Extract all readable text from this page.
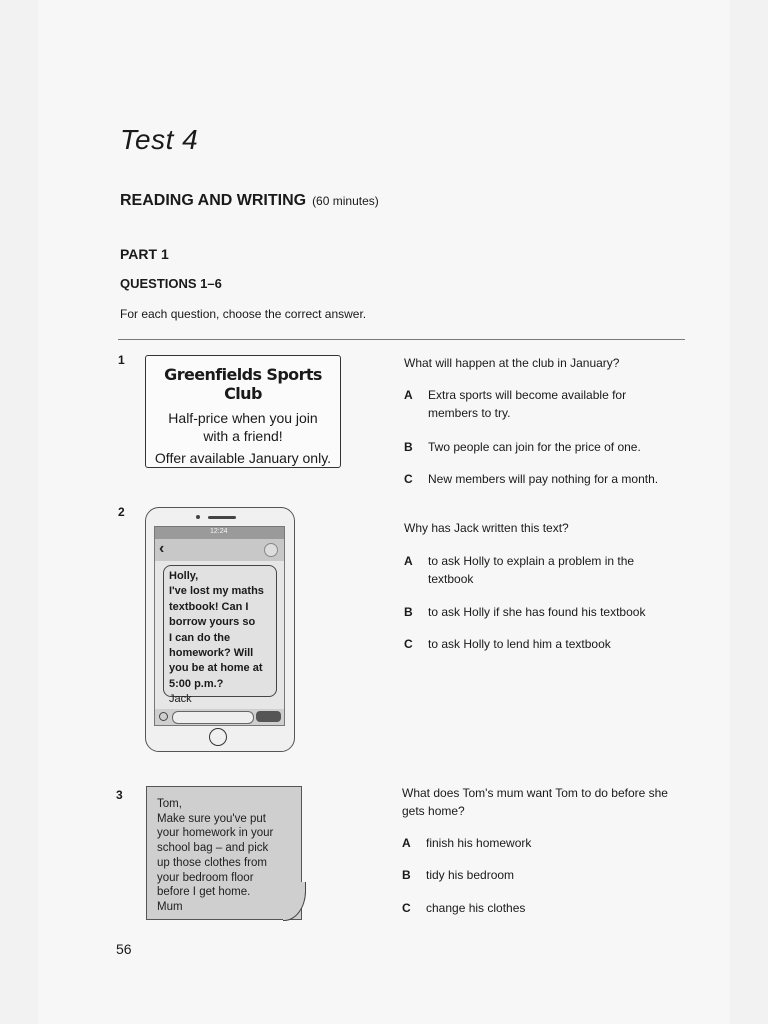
Test 4
READING AND WRITING (60 minutes)
PART 1
QUESTIONS 1–6
For each question, choose the correct answer.
1
Greenfields Sports Club
Half-price when you join
with a friend!
Offer available January only.
What will happen at the club in January?
A Extra sports will become available for members to try.
B Two people can join for the price of one.
C New members will pay nothing for a month.
2
12:24
‹
Holly,
I've lost my maths
textbook! Can I
borrow yours so
I can do the
homework? Will
you be at home at
5:00 p.m.?
Jack
Why has Jack written this text?
A to ask Holly to explain a problem in the textbook
B to ask Holly if she has found his textbook
C to ask Holly to lend him a textbook
3
Tom,
Make sure you've put
your homework in your
school bag – and pick
up those clothes from
your bedroom floor
before I get home.
Mum
What does Tom's mum want Tom to do before she gets home?
A finish his homework
B tidy his bedroom
C change his clothes
56
